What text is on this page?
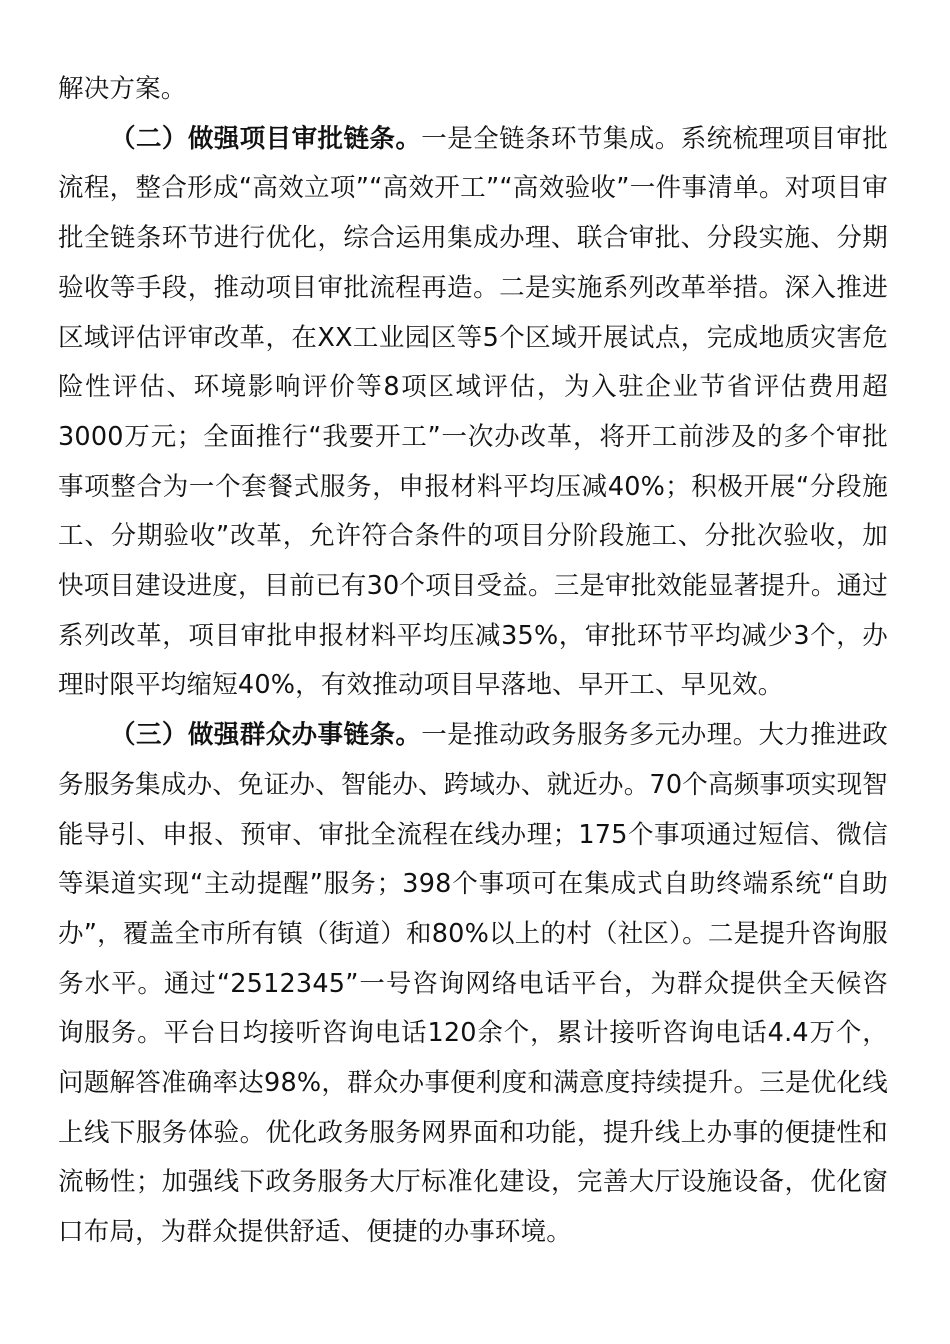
解决方案。

（二）做强项目审批链条。一是全链条环节集成。系统梳理项目审批流程，整合形成“高效立项”“高效开工”“高效验收”一件事清单。对项目审批全链条环节进行优化，综合运用集成办理、联合审批、分段实施、分期验收等手段，推动项目审批流程再造。二是实施系列改革举措。深入推进区域评估评审改革，在XX工业园区等5个区域开展试点，完成地质灾害危险性评估、环境影响评价等8项区域评估，为入驻企业节省评估费用超3000万元；全面推行“我要开工”一次办改革，将开工前涉及的多个审批事项整合为一个套餐式服务，申报材料平均压减40%；积极开展“分段施工、分期验收”改革，允许符合条件的项目分阶段施工、分批次验收，加快项目建设进度，目前已有30个项目受益。三是审批效能显著提升。通过系列改革，项目审批申报材料平均压减35%，审批环节平均减少3个，办理时限平均缩短40%，有效推动项目早落地、早开工、早见效。

（三）做强群众办事链条。一是推动政务服务多元办理。大力推进政务服务集成办、免证办、智能办、跨域办、就近办。70个高频事项实现智能导引、申报、预审、审批全流程在线办理；175个事项通过短信、微信等渠道实现“主动提醒”服务；398个事项可在集成式自助终端系统“自助办”，覆盖全市所有镇（街道）和80%以上的村（社区）。二是提升咨询服务水平。通过“2512345”一号咨询网络电话平台，为群众提供全天候咨询服务。平台日均接听咨询电话120余个，累计接听咨询电话4.4万个，问题解答准确率达98%，群众办事便利度和满意度持续提升。三是优化线上线下服务体验。优化政务服务网界面和功能，提升线上办事的便捷性和流畅性；加强线下政务服务大厅标准化建设，完善大厅设施设备，优化窗口布局，为群众提供舒适、便捷的办事环境。
